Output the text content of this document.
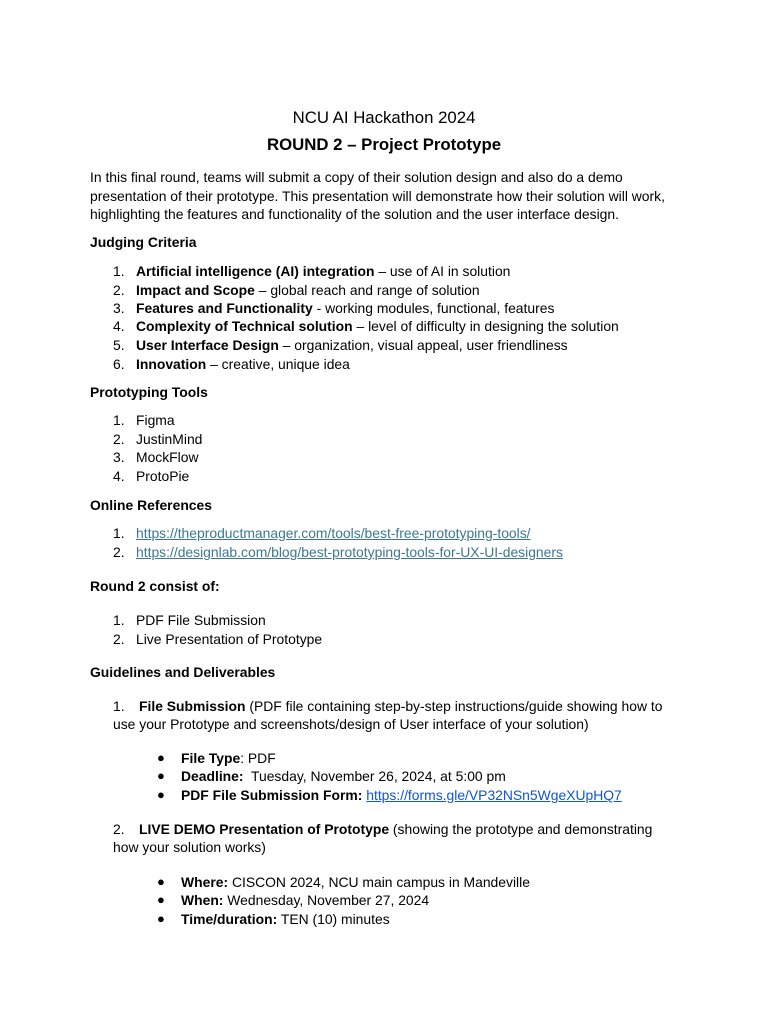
NCU AI Hackathon 2024
ROUND 2 – Project Prototype
In this final round, teams will submit a copy of their solution design and also do a demo
presentation of their prototype. This presentation will demonstrate how their solution will work,
highlighting the features and functionality of the solution and the user interface design.
Judging Criteria
1. Artificial intelligence (AI) integration – use of AI in solution
2. Impact and Scope – global reach and range of solution
3. Features and Functionality - working modules, functional, features
4. Complexity of Technical solution – level of difficulty in designing the solution
5. User Interface Design – organization, visual appeal, user friendliness
6. Innovation – creative, unique idea
Prototyping Tools
1. Figma
2. JustinMind
3. MockFlow
4. ProtoPie
Online References
1. https://theproductmanager.com/tools/best-free-prototyping-tools/
2. https://designlab.com/blog/best-prototyping-tools-for-UX-UI-designers
Round 2 consist of:
1. PDF File Submission
2. Live Presentation of Prototype
Guidelines and Deliverables
1. File Submission (PDF file containing step-by-step instructions/guide showing how to
use your Prototype and screenshots/design of User interface of your solution)
● File Type: PDF
● Deadline: Tuesday, November 26, 2024, at 5:00 pm
● PDF File Submission Form: https://forms.gle/VP32NSn5WgeXUpHQ7
2. LIVE DEMO Presentation of Prototype (showing the prototype and demonstrating
how your solution works)
● Where: CISCON 2024, NCU main campus in Mandeville
● When: Wednesday, November 27, 2024
● Time/duration: TEN (10) minutes
